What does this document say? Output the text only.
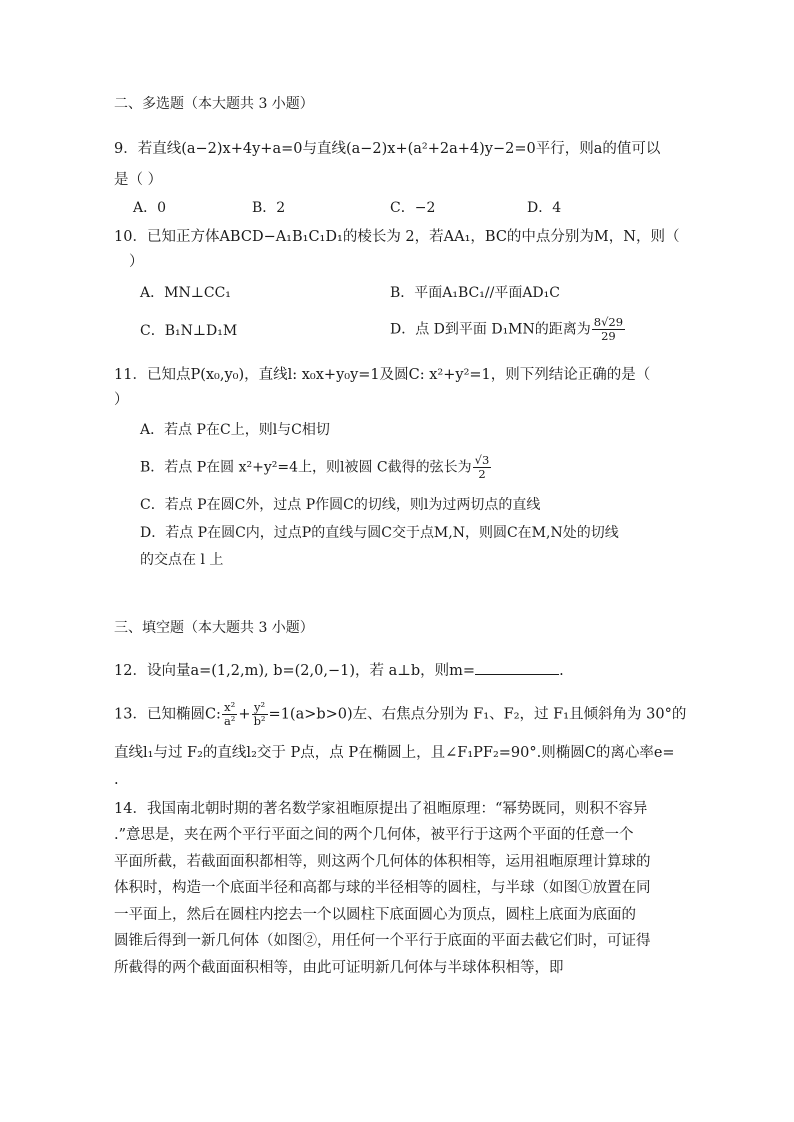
二、多选题（本大题共 3 小题）
9．若直线(a−2)x+4y+a=0与直线(a−2)x+(a²+2a+4)y−2=0平行，则a的值可以
是（ ）
A．0	B．2	C．−2	D．4
10．已知正方体ABCD−A₁B₁C₁D₁的棱长为 2，若AA₁，BC的中点分别为M，N，则（
）
A．MN⊥CC₁	B．平面A₁BC₁//平面AD₁C
C．B₁N⊥D₁M	D．点 D到平面 D₁MN的距离为 $\frac{8√29}{29}$
11．已知点P(x₀,y₀)，直线l: x₀x+y₀y=1及圆C: x²+y²=1，则下列结论正确的是（
）
A．若点 P在C上，则l与C相切
B．若点 P在圆 x²+y²=4上，则l被圆 C截得的弦长为 $\frac{√3}{2}$
C．若点 P在圆C外，过点 P作圆C的切线，则l为过两切点的直线
D．若点 P在圆C内，过点P的直线与圆C交于点M,N，则圆C在M,N处的切线
的交点在 l 上
三、填空题（本大题共 3 小题）
12．设向量a=(1,2,m), b=(2,0,−1)，若 a⊥b，则m=	.
13．已知椭圆C: $\frac{\text{x²}}{\text{a²}} + \frac{\text{y²}}{\text{b²}} =1(a>b>0)$左、右焦点分别为 F₁、F₂，过 F₁且倾斜角为 30°的
直线l₁与过 F₂的直线l₂交于 P点，点 P在椭圆上，且∠F₁PF₂=90°.则椭圆C的离心率e=
.
14．我国南北朝时期的著名数学家祖暅原提出了祖暅原理：“幂势既同，则积不容异
.”意思是，夹在两个平行平面之间的两个几何体，被平行于这两个平面的任意一个
平面所截，若截面面积都相等，则这两个几何体的体积相等，运用祖暅原理计算球的
体积时，构造一个底面半径和高都与球的半径相等的圆柱，与半球（如图①放置在同
一平面上，然后在圆柱内挖去一个以圆柱下底面圆心为顶点，圆柱上底面为底面的
圆锥后得到一新几何体（如图②，用任何一个平行于底面的平面去截它们时，可证得
所截得的两个截面面积相等，由此可证明新几何体与半球体积相等，即
